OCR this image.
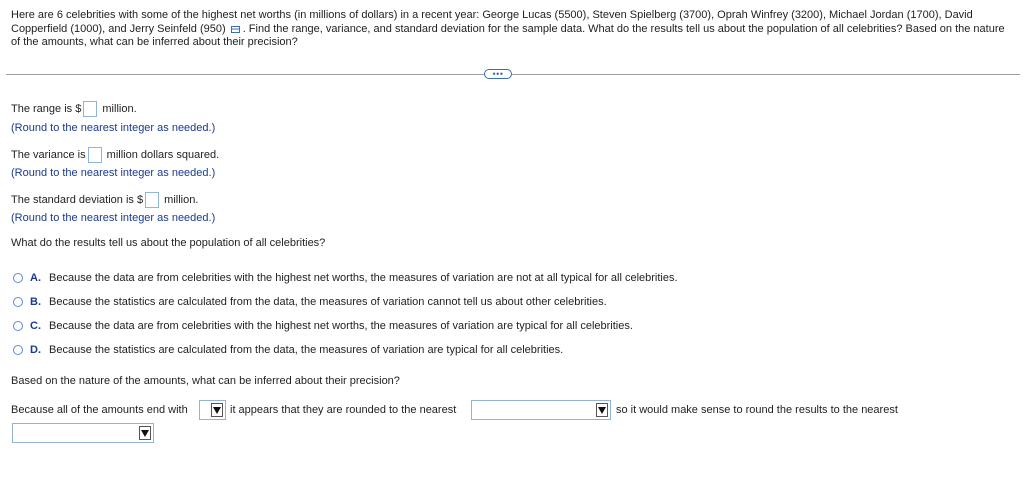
Here are 6 celebrities with some of the highest net worths (in millions of dollars) in a recent year: George Lucas (5500), Steven Spielberg (3700), Oprah Winfrey (3200), Michael Jordan (1700), David Copperfield (1000), and Jerry Seinfeld (950) . Find the range, variance, and standard deviation for the sample data. What do the results tell us about the population of all celebrities? Based on the nature of the amounts, what can be inferred about their precision?
•••
The range is $ million.
(Round to the nearest integer as needed.)
The variance is million dollars squared.
(Round to the nearest integer as needed.)
The standard deviation is $ million.
(Round to the nearest integer as needed.)
What do the results tell us about the population of all celebrities?
A. Because the data are from celebrities with the highest net worths, the measures of variation are not at all typical for all celebrities.
B. Because the statistics are calculated from the data, the measures of variation cannot tell us about other celebrities.
C. Because the data are from celebrities with the highest net worths, the measures of variation are typical for all celebrities.
D. Because the statistics are calculated from the data, the measures of variation are typical for all celebrities.
Based on the nature of the amounts, what can be inferred about their precision?
Because all of the amounts end with	it appears that they are rounded to the nearest	so it would make sense to round the results to the nearest
